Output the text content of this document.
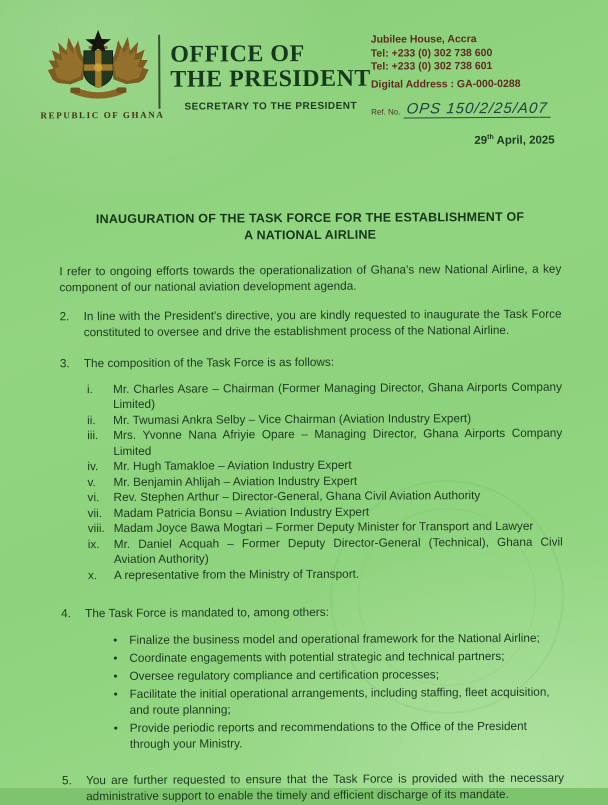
REPUBLIC OF GHANA
OFFICE OF
THE PRESIDENT
SECRETARY TO THE PRESIDENT
Jubilee House, Accra
Tel: +233 (0) 302 738 600
Tel: +233 (0) 302 738 601
Digital Address : GA-000-0288
Ref. No. OPS 150/2/25/A07
29th April, 2025
INAUGURATION OF THE TASK FORCE FOR THE ESTABLISHMENT OF
A NATIONAL AIRLINE
I refer to ongoing efforts towards the operationalization of Ghana's new National Airline, a key component of our national aviation development agenda.
2.	In line with the President's directive, you are kindly requested to inaugurate the Task Force constituted to oversee and drive the establishment process of the National Airline.
3.	The composition of the Task Force is as follows:
i.	Mr. Charles Asare – Chairman (Former Managing Director, Ghana Airports Company Limited)
ii.	Mr. Twumasi Ankra Selby – Vice Chairman (Aviation Industry Expert)
iii.	Mrs. Yvonne Nana Afriyie Opare – Managing Director, Ghana Airports Company Limited
iv.	Mr. Hugh Tamakloe – Aviation Industry Expert
v.	Mr. Benjamin Ahlijah – Aviation Industry Expert
vi.	Rev. Stephen Arthur – Director-General, Ghana Civil Aviation Authority
vii. Madam Patricia Bonsu – Aviation Industry Expert
viii. Madam Joyce Bawa Mogtari – Former Deputy Minister for Transport and Lawyer
ix.	Mr. Daniel Acquah – Former Deputy Director-General (Technical), Ghana Civil Aviation Authority)
x.	A representative from the Ministry of Transport.
4.	The Task Force is mandated to, among others:
• Finalize the business model and operational framework for the National Airline;
• Coordinate engagements with potential strategic and technical partners;
• Oversee regulatory compliance and certification processes;
• Facilitate the initial operational arrangements, including staffing, fleet acquisition, and route planning;
• Provide periodic reports and recommendations to the Office of the President through your Ministry.
5.	You are further requested to ensure that the Task Force is provided with the necessary administrative support to enable the timely and efficient discharge of its mandate.
